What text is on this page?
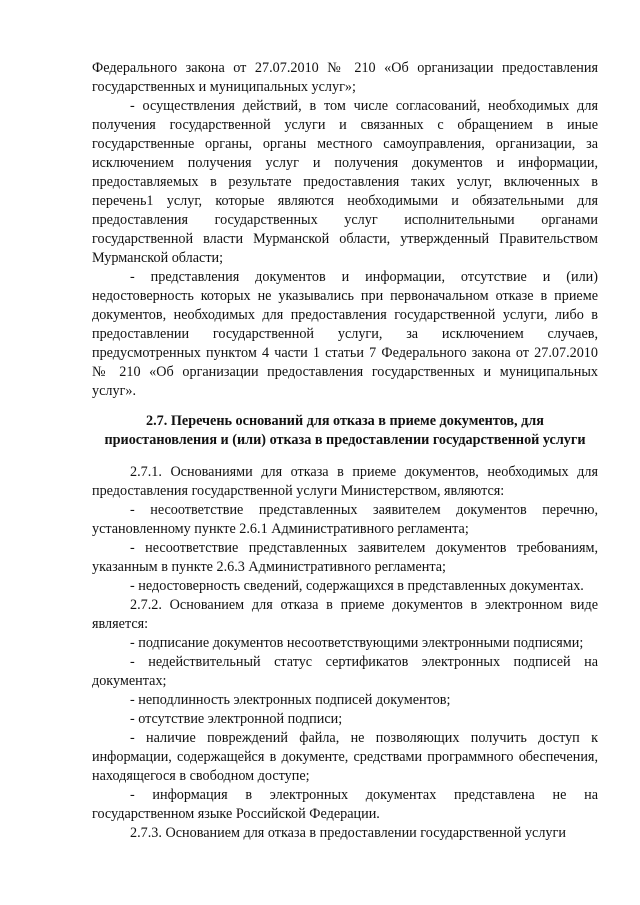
Федерального закона от 27.07.2010 № 210 «Об организации предоставления государственных и муниципальных услуг»;

- осуществления действий, в том числе согласований, необходимых для получения государственной услуги и связанных с обращением в иные государственные органы, органы местного самоуправления, организации, за исключением получения услуг и получения документов и информации, предоставляемых в результате предоставления таких услуг, включенных в перечень1 услуг, которые являются необходимыми и обязательными для предоставления государственных услуг исполнительными органами государственной власти Мурманской области, утвержденный Правительством Мурманской области;

- представления документов и информации, отсутствие и (или) недостоверность которых не указывались при первоначальном отказе в приеме документов, необходимых для предоставления государственной услуги, либо в предоставлении государственной услуги, за исключением случаев, предусмотренных пунктом 4 части 1 статьи 7 Федерального закона от 27.07.2010 № 210 «Об организации предоставления государственных и муниципальных услуг».

2.7. Перечень оснований для отказа в приеме документов, для приостановления и (или) отказа в предоставлении государственной услуги

2.7.1. Основаниями для отказа в приеме документов, необходимых для предоставления государственной услуги Министерством, являются:

- несоответствие представленных заявителем документов перечню, установленному пункте 2.6.1 Административного регламента;

- несоответствие представленных заявителем документов требованиям, указанным в пункте 2.6.3 Административного регламента;

- недостоверность сведений, содержащихся в представленных документах.

2.7.2. Основанием для отказа в приеме документов в электронном виде является:

- подписание документов несоответствующими электронными подписями;

- недействительный статус сертификатов электронных подписей на документах;

- неподлинность электронных подписей документов;

- отсутствие электронной подписи;

- наличие повреждений файла, не позволяющих получить доступ к информации, содержащейся в документе, средствами программного обеспечения, находящегося в свободном доступе;

- информация в электронных документах представлена не на государственном языке Российской Федерации.

2.7.3. Основанием для отказа в предоставлении государственной услуги
